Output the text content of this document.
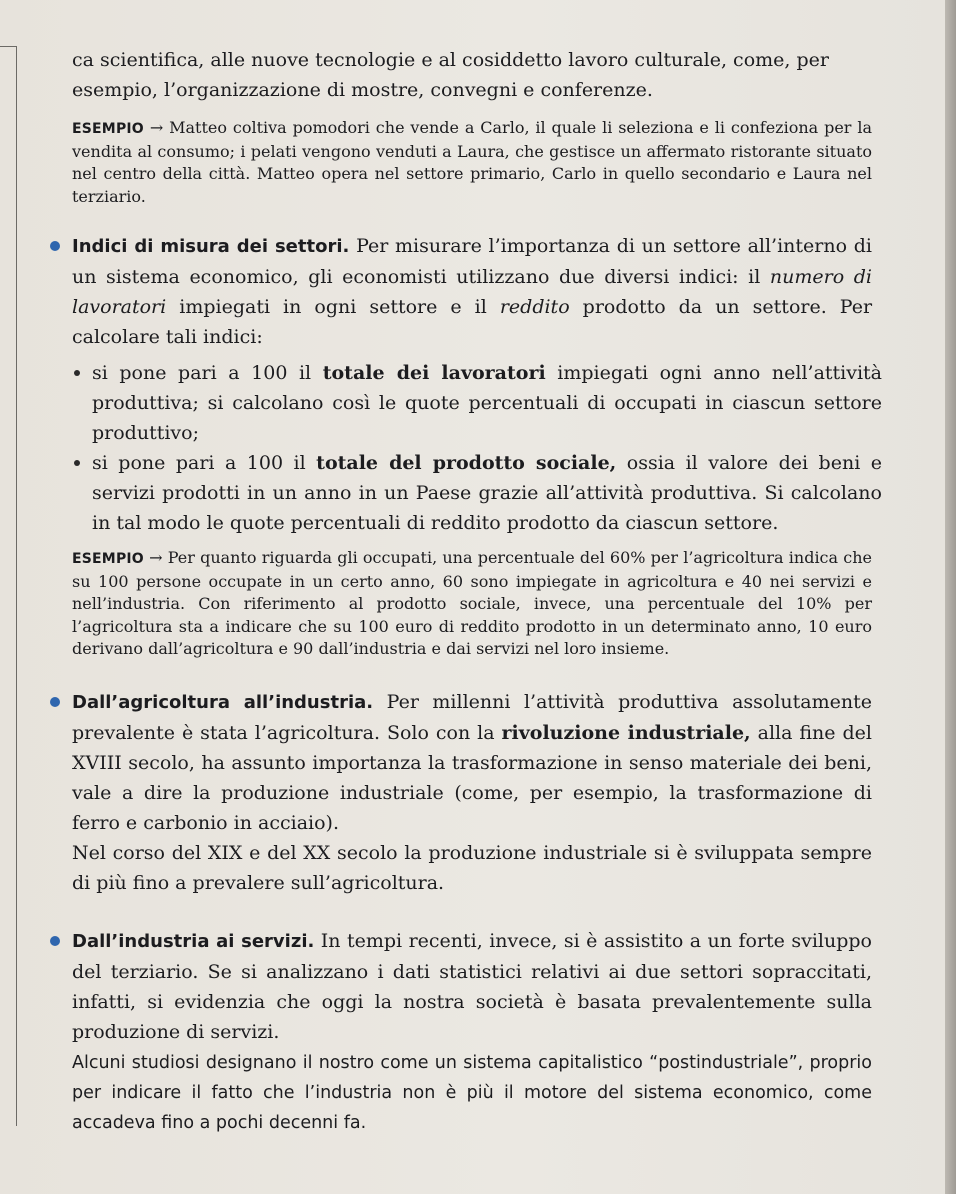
ca scientifica, alle nuove tecnologie e al cosiddetto lavoro culturale, come, per
esempio, l’organizzazione di mostre, convegni e conferenze.

ESEMPIO → Matteo coltiva pomodori che vende a Carlo, il quale li seleziona e li confeziona per la vendita al consumo; i pelati vengono venduti a Laura, che gestisce un affermato ristorante situato nel centro della città. Matteo opera nel settore primario, Carlo in quello secondario e Laura nel terziario.

Indici di misura dei settori. Per misurare l’importanza di un settore all’interno di un sistema economico, gli economisti utilizzano due diversi indici: il numero di lavoratori impiegati in ogni settore e il reddito prodotto da un settore. Per calcolare tali indici:

si pone pari a 100 il totale dei lavoratori impiegati ogni anno nell’attività produttiva; si calcolano così le quote percentuali di occupati in ciascun settore produttivo;
si pone pari a 100 il totale del prodotto sociale, ossia il valore dei beni e servizi prodotti in un anno in un Paese grazie all’attività produttiva. Si calcolano in tal modo le quote percentuali di reddito prodotto da ciascun settore.

ESEMPIO → Per quanto riguarda gli occupati, una percentuale del 60% per l’agricoltura indica che su 100 persone occupate in un certo anno, 60 sono impiegate in agricoltura e 40 nei servizi e nell’industria. Con riferimento al prodotto sociale, invece, una percentuale del 10% per l’agricoltura sta a indicare che su 100 euro di reddito prodotto in un determinato anno, 10 euro derivano dall’agricoltura e 90 dall’industria e dai servizi nel loro insieme.

Dall’agricoltura all’industria. Per millenni l’attività produttiva assolutamente prevalente è stata l’agricoltura. Solo con la rivoluzione industriale, alla fine del XVIII secolo, ha assunto importanza la trasformazione in senso materiale dei beni, vale a dire la produzione industriale (come, per esempio, la trasformazione di ferro e carbonio in acciaio).

Nel corso del XIX e del XX secolo la produzione industriale si è sviluppata sempre di più fino a prevalere sull’agricoltura.

Dall’industria ai servizi. In tempi recenti, invece, si è assistito a un forte sviluppo del terziario. Se si analizzano i dati statistici relativi ai due settori sopraccitati, infatti, si evidenzia che oggi la nostra società è basata prevalentemente sulla produzione di servizi.

Alcuni studiosi designano il nostro come un sistema capitalistico “postindustriale”, proprio per indicare il fatto che l’industria non è più il motore del sistema economico, come accadeva fino a pochi decenni fa.
